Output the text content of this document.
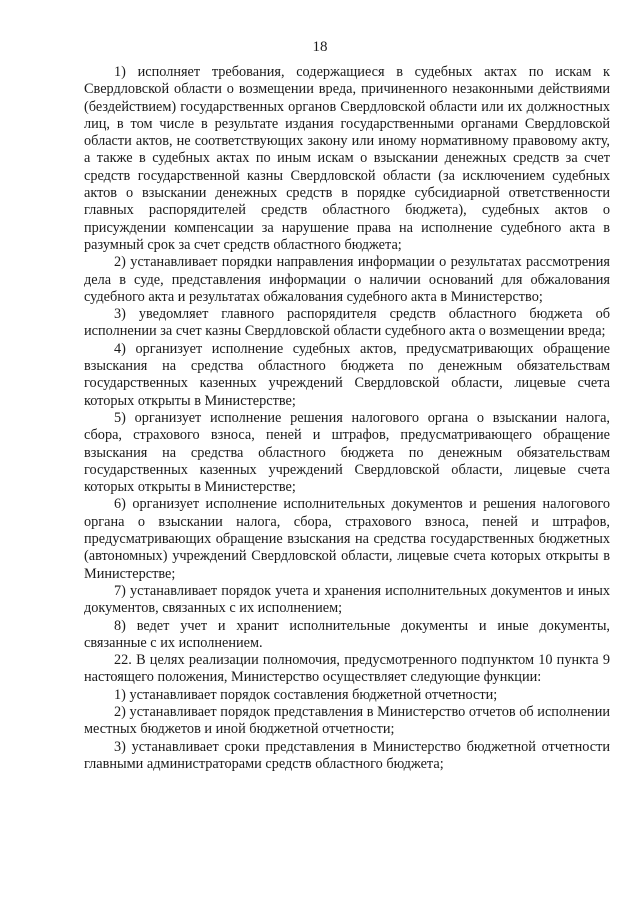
18

1) исполняет требования, содержащиеся в судебных актах по искам к Свердловской области о возмещении вреда, причиненного незаконными действиями (бездействием) государственных органов Свердловской области или их должностных лиц, в том числе в результате издания государственными органами Свердловской области актов, не соответствующих закону или иному нормативному правовому акту, а также в судебных актах по иным искам о взыскании денежных средств за счет средств государственной казны Свердловской области (за исключением судебных актов о взыскании денежных средств в порядке субсидиарной ответственности главных распорядителей средств областного бюджета), судебных актов о присуждении компенсации за нарушение права на исполнение судебного акта в разумный срок за счет средств областного бюджета;

2) устанавливает порядки направления информации о результатах рассмотрения дела в суде, представления информации о наличии оснований для обжалования судебного акта и результатах обжалования судебного акта в Министерство;

3) уведомляет главного распорядителя средств областного бюджета об исполнении за счет казны Свердловской области судебного акта о возмещении вреда;

4) организует исполнение судебных актов, предусматривающих обращение взыскания на средства областного бюджета по денежным обязательствам государственных казенных учреждений Свердловской области, лицевые счета которых открыты в Министерстве;

5) организует исполнение решения налогового органа о взыскании налога, сбора, страхового взноса, пеней и штрафов, предусматривающего обращение взыскания на средства областного бюджета по денежным обязательствам государственных казенных учреждений Свердловской области, лицевые счета которых открыты в Министерстве;

6) организует исполнение исполнительных документов и решения налогового органа о взыскании налога, сбора, страхового взноса, пеней и штрафов, предусматривающих обращение взыскания на средства государственных бюджетных (автономных) учреждений Свердловской области, лицевые счета которых открыты в Министерстве;

7) устанавливает порядок учета и хранения исполнительных документов и иных документов, связанных с их исполнением;

8) ведет учет и хранит исполнительные документы и иные документы, связанные с их исполнением.

22. В целях реализации полномочия, предусмотренного подпунктом 10 пункта 9 настоящего положения, Министерство осуществляет следующие функции:

1) устанавливает порядок составления бюджетной отчетности;

2) устанавливает порядок представления в Министерство отчетов об исполнении местных бюджетов и иной бюджетной отчетности;

3) устанавливает сроки представления в Министерство бюджетной отчетности главными администраторами средств областного бюджета;
